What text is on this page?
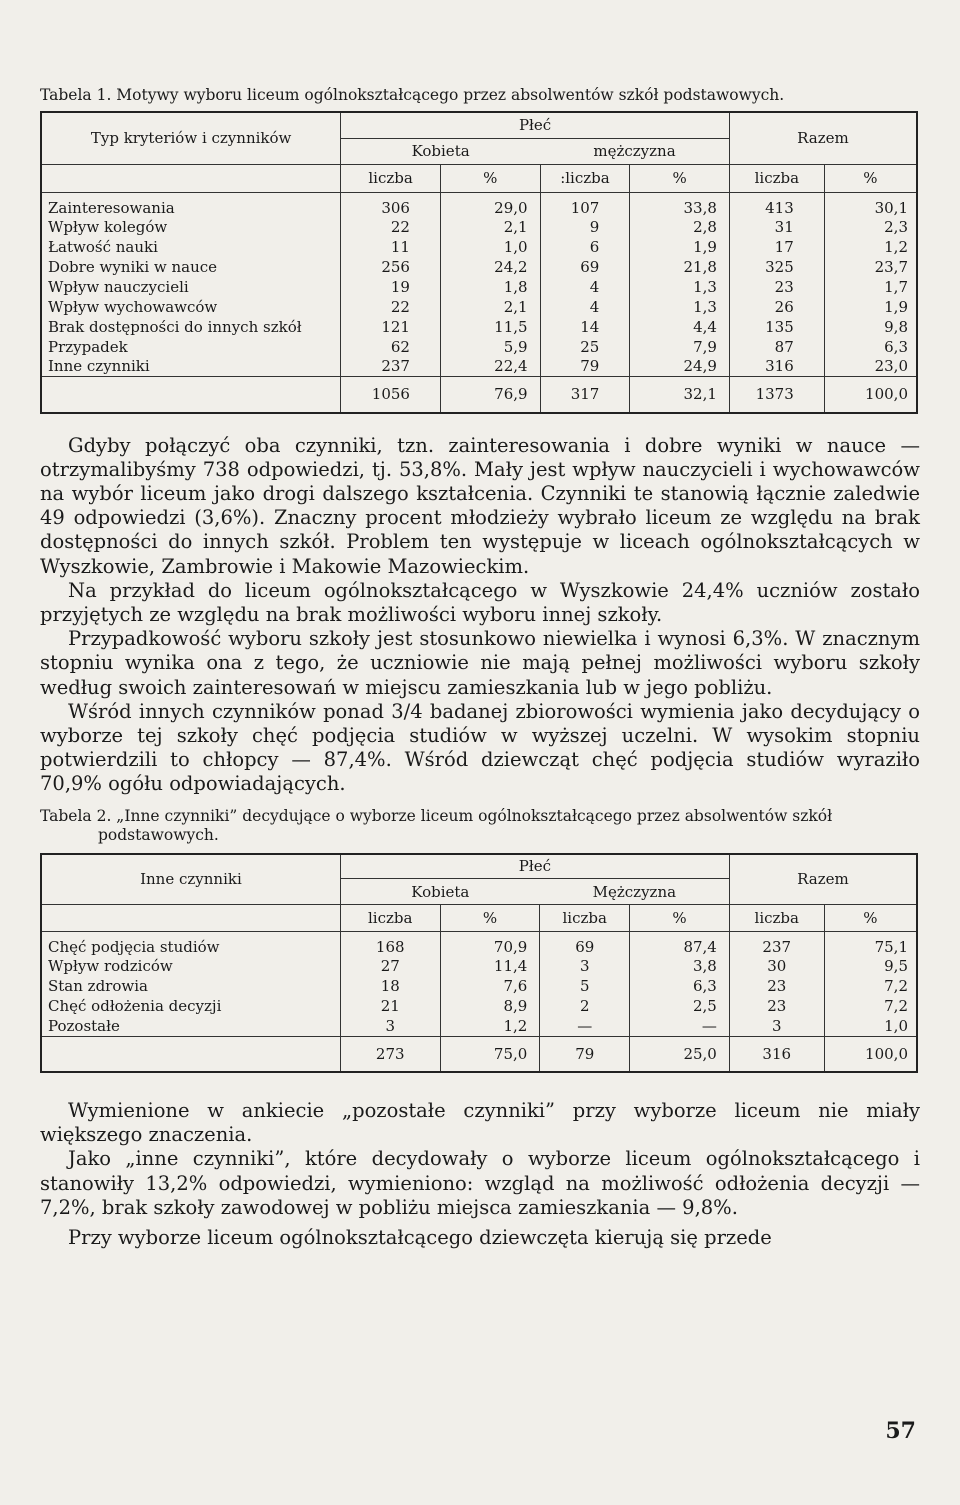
Tabela 1. Motywy wyboru liceum ogólnokształcącego przez absolwentów szkół podstawowych.
Typ kryteriów i czynników	Płeć				Razem	
	Kobieta		mężczyzna			
	liczba	%	:liczba	%	liczba	%
Zainteresowania	306	29,0	107	33,8	413	30,1
Wpływ kolegów	22	2,1	9	2,8	31	2,3
Łatwość nauki	11	1,0	6	1,9	17	1,2
Dobre wyniki w nauce	256	24,2	69	21,8	325	23,7
Wpływ nauczycieli	19	1,8	4	1,3	23	1,7
Wpływ wychowawców	22	2,1	4	1,3	26	1,9
Brak dostępności do innych szkół	121	11,5	14	4,4	135	9,8
Przypadek	62	5,9	25	7,9	87	6,3
Inne czynniki	237	22,4	79	24,9	316	23,0
	1056	76,9	317	32,1	1373	100,0

Gdyby połączyć oba czynniki, tzn. zainteresowania i dobre wyniki w nauce — otrzymalibyśmy 738 odpowiedzi, tj. 53,8%. Mały jest wpływ nauczycieli i wychowawców na wybór liceum jako drogi dalszego kształcenia. Czynniki te stanowią łącznie zaledwie 49 odpowiedzi (3,6%). Znaczny procent młodzieży wybrało liceum ze względu na brak dostępności do innych szkół. Problem ten występuje w liceach ogólnokształcących w Wyszkowie, Zambrowie i Makowie Mazowieckim.

Na przykład do liceum ogólnokształcącego w Wyszkowie 24,4% uczniów zostało przyjętych ze względu na brak możliwości wyboru innej szkoły.

Przypadkowość wyboru szkoły jest stosunkowo niewielka i wynosi 6,3%. W znacznym stopniu wynika ona z tego, że uczniowie nie mają pełnej możliwości wyboru szkoły według swoich zainteresowań w miejscu zamieszkania lub w jego pobliżu.

Wśród innych czynników ponad 3/4 badanej zbiorowości wymienia jako decydujący o wyborze tej szkoły chęć podjęcia studiów w wyższej uczelni. W wysokim stopniu potwierdzili to chłopcy — 87,4%. Wśród dziewcząt chęć podjęcia studiów wyraziło 70,9% ogółu odpowiadających.

Tabela 2. „Inne czynniki” decydujące o wyborze liceum ogólnokształcącego przez absolwentów szkół podstawowych.
Inne czynniki	Płeć				Razem	
	Kobieta		Mężczyzna			
	liczba	%	liczba	%	liczba	%
Chęć podjęcia studiów	168	70,9	69	87,4	237	75,1
Wpływ rodziców	27	11,4	3	3,8	30	9,5
Stan zdrowia	18	7,6	5	6,3	23	7,2
Chęć odłożenia decyzji	21	8,9	2	2,5	23	7,2
Pozostałe	3	1,2	—	—	3	1,0
	273	75,0	79	25,0	316	100,0

Wymienione w ankiecie „pozostałe czynniki” przy wyborze liceum nie miały większego znaczenia.

Jako „inne czynniki”, które decydowały o wyborze liceum ogólnokształcącego i stanowiły 13,2% odpowiedzi, wymieniono: wzgląd na możliwość odłożenia decyzji — 7,2%, brak szkoły zawodowej w pobliżu miejsca zamieszkania — 9,8%.

Przy wyborze liceum ogólnokształcącego dziewczęta kierują się przede

57
